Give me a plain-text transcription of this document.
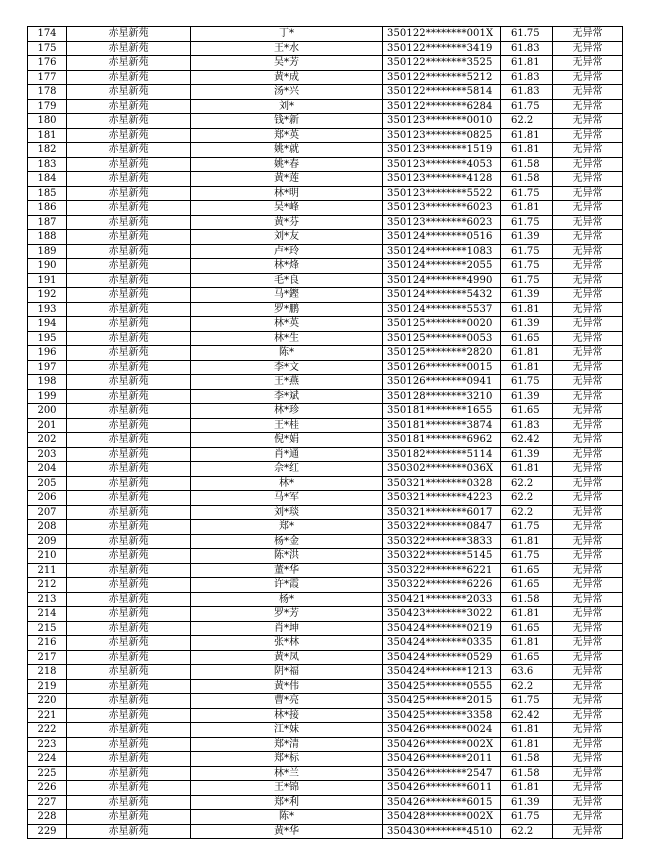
174	赤星新苑	丁*	350122********001X	61.75	无异常
175	赤星新苑	王*水	350122********3419	61.83	无异常
176	赤星新苑	吴*芳	350122********3525	61.81	无异常
177	赤星新苑	黄*成	350122********5212	61.83	无异常
178	赤星新苑	汤*兴	350122********5814	61.83	无异常
179	赤星新苑	刘*	350122********6284	61.75	无异常
180	赤星新苑	钱*新	350123********0010	62.2	无异常
181	赤星新苑	郑*英	350123********0825	61.81	无异常
182	赤星新苑	姚*就	350123********1519	61.81	无异常
183	赤星新苑	姚*春	350123********4053	61.58	无异常
184	赤星新苑	黄*莲	350123********4128	61.58	无异常
185	赤星新苑	林*明	350123********5522	61.75	无异常
186	赤星新苑	吴*峰	350123********6023	61.81	无异常
187	赤星新苑	黄*芬	350123********6023	61.75	无异常
188	赤星新苑	刘*友	350124********0516	61.39	无异常
189	赤星新苑	卢*玲	350124********1083	61.75	无异常
190	赤星新苑	林*烽	350124********2055	61.75	无异常
191	赤星新苑	毛*良	350124********4990	61.75	无异常
192	赤星新苑	马*鏗	350124********5432	61.39	无异常
193	赤星新苑	罗*鹏	350124********5537	61.81	无异常
194	赤星新苑	林*英	350125********0020	61.39	无异常
195	赤星新苑	林*生	350125********0053	61.65	无异常
196	赤星新苑	陈*	350125********2820	61.81	无异常
197	赤星新苑	李*文	350126********0015	61.81	无异常
198	赤星新苑	王*燕	350126********0941	61.75	无异常
199	赤星新苑	李*斌	350128********3210	61.39	无异常
200	赤星新苑	林*珍	350181********1655	61.65	无异常
201	赤星新苑	王*桂	350181********3874	61.83	无异常
202	赤星新苑	倪*娟	350181********6962	62.42	无异常
203	赤星新苑	肖*通	350182********5114	61.39	无异常
204	赤星新苑	佘*红	350302********036X	61.81	无异常
205	赤星新苑	林*	350321********0328	62.2	无异常
206	赤星新苑	马*军	350321********4223	62.2	无异常
207	赤星新苑	刘*琰	350321********6017	62.2	无异常
208	赤星新苑	郑*	350322********0847	61.75	无异常
209	赤星新苑	杨*金	350322********3833	61.81	无异常
210	赤星新苑	陈*洪	350322********5145	61.75	无异常
211	赤星新苑	董*华	350322********6221	61.65	无异常
212	赤星新苑	许*霞	350322********6226	61.65	无异常
213	赤星新苑	杨*	350421********2033	61.58	无异常
214	赤星新苑	罗*芳	350423********3022	61.81	无异常
215	赤星新苑	肖*坤	350424********0219	61.65	无异常
216	赤星新苑	张*林	350424********0335	61.81	无异常
217	赤星新苑	黄*凤	350424********0529	61.65	无异常
218	赤星新苑	阴*福	350424********1213	63.6	无异常
219	赤星新苑	黄*伟	350425********0555	62.2	无异常
220	赤星新苑	曹*亮	350425********2015	61.75	无异常
221	赤星新苑	林*接	350425********3358	62.42	无异常
222	赤星新苑	江*妹	350426********0024	61.81	无异常
223	赤星新苑	郑*清	350426********002X	61.81	无异常
224	赤星新苑	郑*标	350426********2011	61.58	无异常
225	赤星新苑	林*兰	350426********2547	61.58	无异常
226	赤星新苑	王*锦	350426********6011	61.81	无异常
227	赤星新苑	郑*利	350426********6015	61.39	无异常
228	赤星新苑	陈*	350428********002X	61.75	无异常
229	赤星新苑	黄*华	350430********4510	62.2	无异常
